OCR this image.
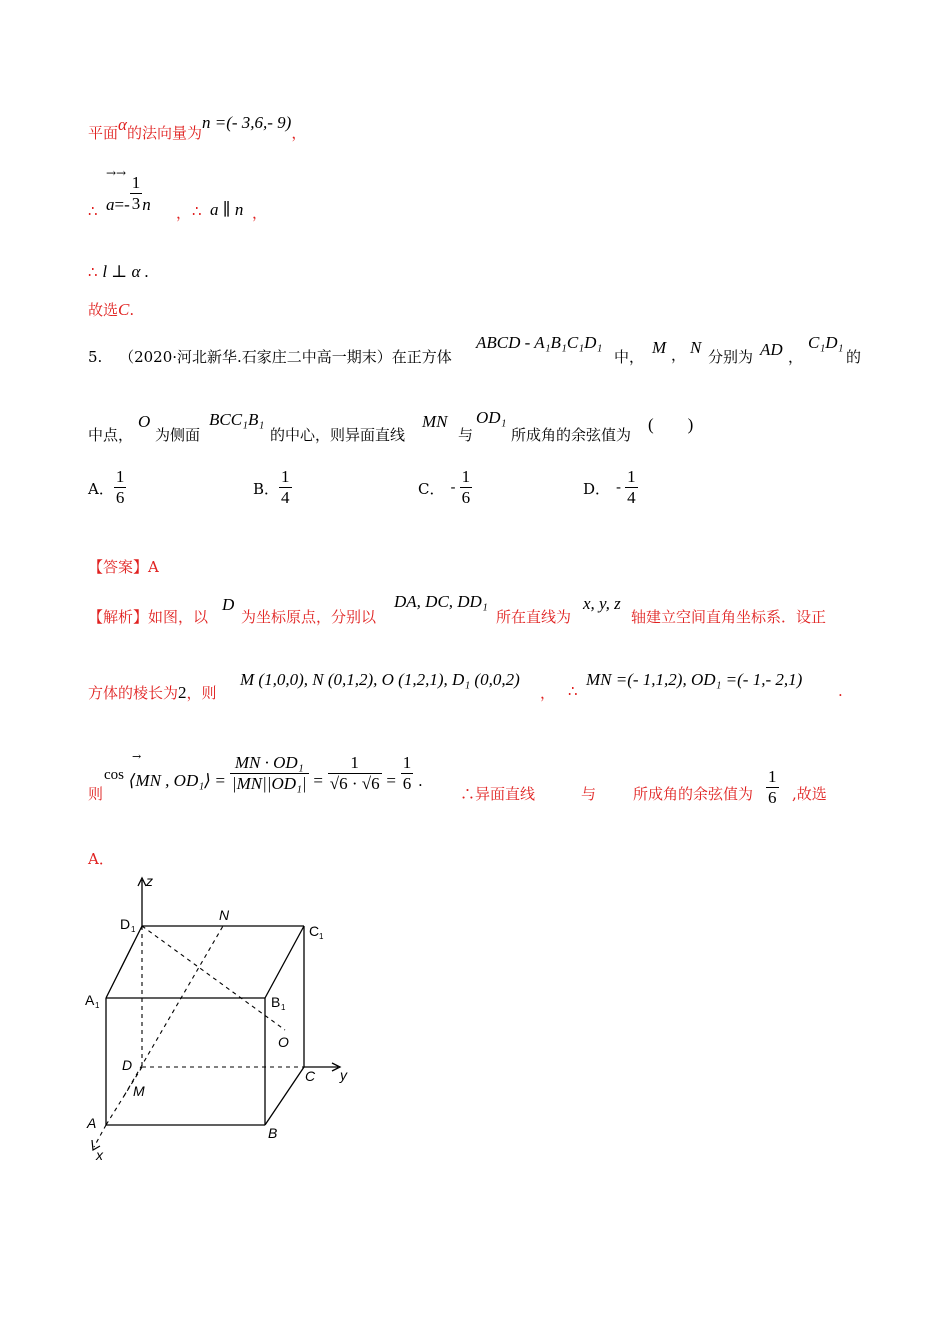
平面α的法向量为n =(- 3,6,- 9)，
∴
→→
$a=- \frac{1}{3}$ n ， ∴ a ∥ n ，
∴ l ⊥ α .
故选C.
5. （2020·河北新华.石家庄二中高一期末）在正方体
ABCD - A₁B₁C₁D₁
中， M ， N 分别为 AD ，
C₁D₁
的
中点，
O
为侧面
BCC₁B₁
的中心，则异面直线
MN
与
OD₁
所成角的余弦值为
(　　)
A． $\frac{1}{6}$	B． $\frac{1}{4}$	C． - $\frac{1}{6}$	D． - $\frac{1}{4}$
【答案】A
【解析】如图，以
D
为坐标原点，分别以
DA, DC, DD₁
所在直线为
x, y, z
轴建立空间直角坐标系．设正
方体的棱长为2，则
M (1,0,0), N (0,1,2), O (1,2,1), D₁ (0,0,2)
， ∴
MN =(- 1,1,2), OD₁ =(- 1,- 2,1)
.
则
→
cos ⟨MN , OD₁⟩ = $\frac{\text{MN · OD₁}}{\text{|MN||OD₁|}} = \frac{1}{√6 \cdot √6} = \frac{1}{6}$ .
∴异面直线	与 所成角的余弦值为 $\frac{1}{6}$ ,故选
A．
z
y
x
D 1	C 1
A 1	B 1
N
O
D
M
C
A
B
